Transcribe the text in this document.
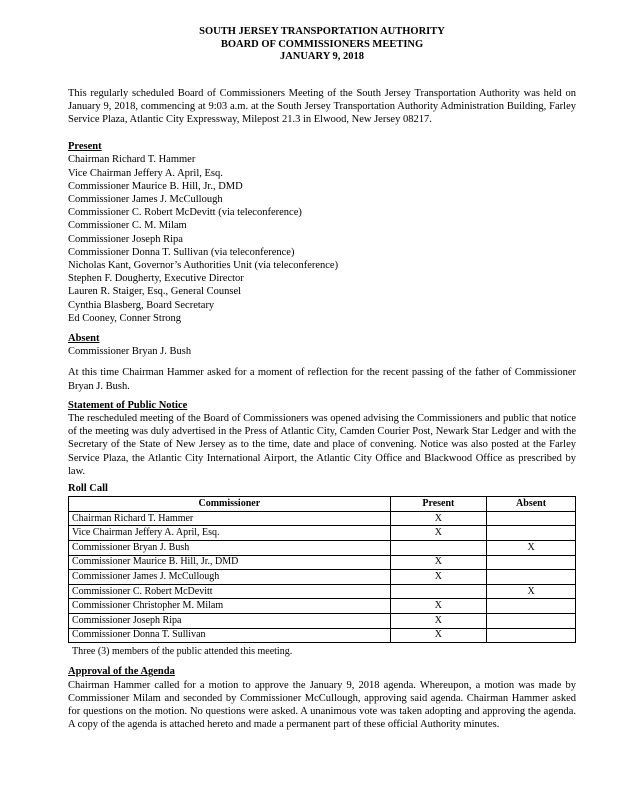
SOUTH JERSEY TRANSPORTATION AUTHORITY
BOARD OF COMMISSIONERS MEETING
JANUARY 9, 2018

This regularly scheduled Board of Commissioners Meeting of the South Jersey Transportation Authority was held on January 9, 2018, commencing at 9:03 a.m. at the South Jersey Transportation Authority Administration Building, Farley Service Plaza, Atlantic City Expressway, Milepost 21.3 in Elwood, New Jersey 08217.

Present

Chairman Richard T. Hammer

Vice Chairman Jeffery A. April, Esq.

Commissioner Maurice B. Hill, Jr., DMD

Commissioner James J. McCullough

Commissioner C. Robert McDevitt (via teleconference)

Commissioner C. M. Milam

Commissioner Joseph Ripa

Commissioner Donna T. Sullivan (via teleconference)

Nicholas Kant, Governor’s Authorities Unit (via teleconference)

Stephen F. Dougherty, Executive Director

Lauren R. Staiger, Esq., General Counsel

Cynthia Blasberg, Board Secretary

Ed Cooney, Conner Strong

Absent

Commissioner Bryan J. Bush

At this time Chairman Hammer asked for a moment of reflection for the recent passing of the father of Commissioner Bryan J. Bush.

Statement of Public Notice

The rescheduled meeting of the Board of Commissioners was opened advising the Commissioners and public that notice of the meeting was duly advertised in the Press of Atlantic City, Camden Courier Post, Newark Star Ledger and with the Secretary of the State of New Jersey as to the time, date and place of convening. Notice was also posted at the Farley Service Plaza, the Atlantic City International Airport, the Atlantic City Office and Blackwood Office as prescribed by law.

Roll Call

Commissioner	Present	Absent
Chairman Richard T. Hammer	X	
Vice Chairman Jeffery A. April, Esq.	X	
Commissioner Bryan J. Bush		X
Commissioner Maurice B. Hill, Jr., DMD	X	
Commissioner James J. McCullough	X	
Commissioner C. Robert McDevitt		X
Commissioner Christopher M. Milam	X	
Commissioner Joseph Ripa	X	
Commissioner Donna T. Sullivan	X	

Three (3) members of the public attended this meeting.

Approval of the Agenda

Chairman Hammer called for a motion to approve the January 9, 2018 agenda. Whereupon, a motion was made by Commissioner Milam and seconded by Commissioner McCullough, approving said agenda. Chairman Hammer asked for questions on the motion. No questions were asked. A unanimous vote was taken adopting and approving the agenda. A copy of the agenda is attached hereto and made a permanent part of these official Authority minutes.
